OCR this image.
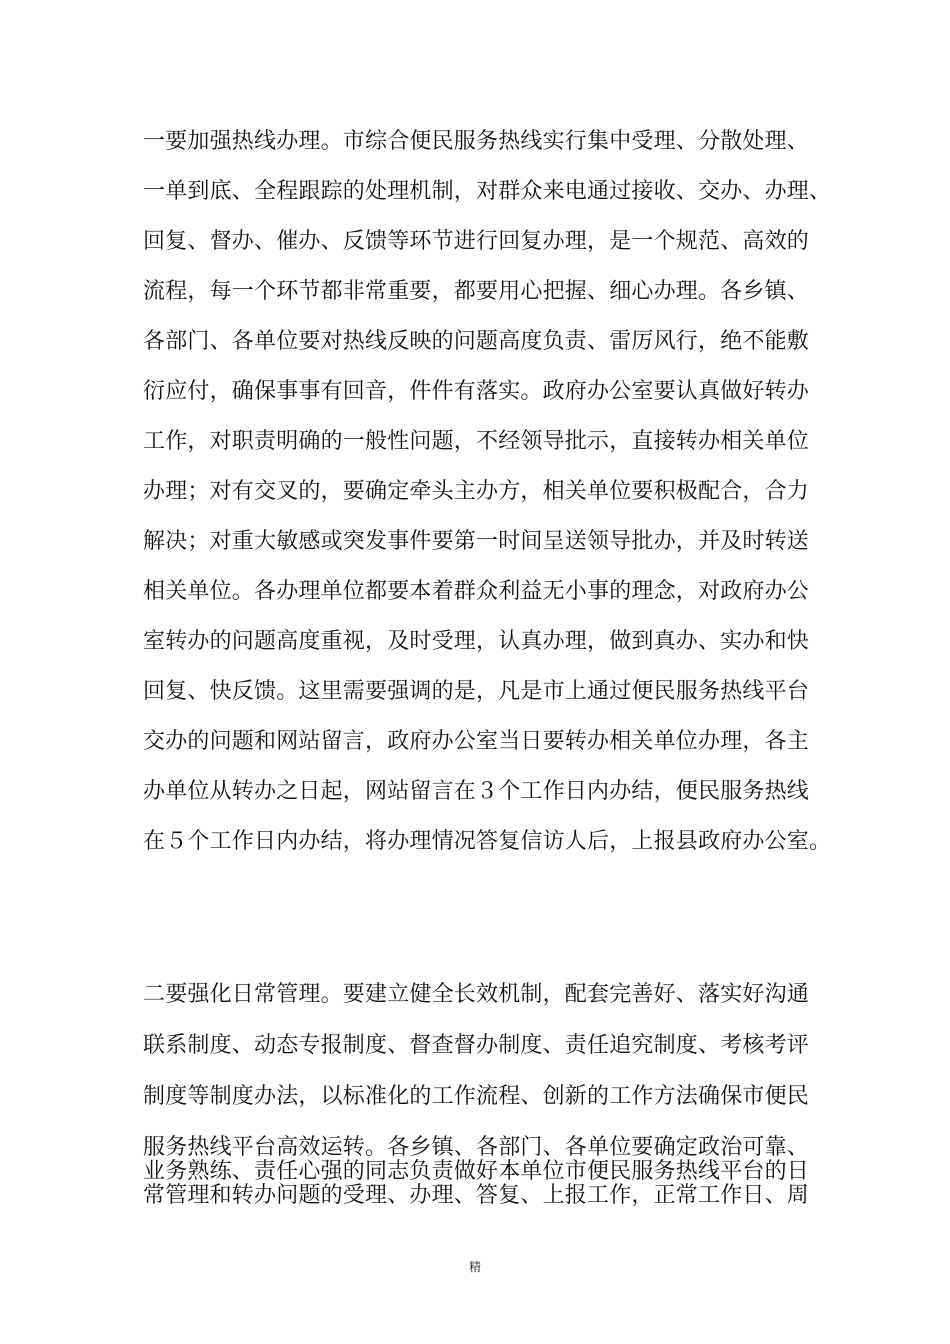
一要加强热线办理。市综合便民服务热线实行集中受理、分散处理、
一单到底、全程跟踪的处理机制，对群众来电通过接收、交办、办理、
回复、督办、催办、反馈等环节进行回复办理，是一个规范、高效的
流程，每一个环节都非常重要，都要用心把握、细心办理。各乡镇、
各部门、各单位要对热线反映的问题高度负责、雷厉风行，绝不能敷
衍应付，确保事事有回音，件件有落实。政府办公室要认真做好转办
工作，对职责明确的一般性问题，不经领导批示，直接转办相关单位
办理；对有交叉的，要确定牵头主办方，相关单位要积极配合，合力
解决；对重大敏感或突发事件要第一时间呈送领导批办，并及时转送
相关单位。各办理单位都要本着群众利益无小事的理念，对政府办公
室转办的问题高度重视，及时受理，认真办理，做到真办、实办和快
回复、快反馈。这里需要强调的是，凡是市上通过便民服务热线平台
交办的问题和网站留言，政府办公室当日要转办相关单位办理，各主
办单位从转办之日起，网站留言在３个工作日内办结，便民服务热线
在５个工作日内办结，将办理情况答复信访人后，上报县政府办公室。
二要强化日常管理。要建立健全长效机制，配套完善好、落实好沟通
联系制度、动态专报制度、督查督办制度、责任追究制度、考核考评
制度等制度办法，以标准化的工作流程、创新的工作方法确保市便民
服务热线平台高效运转。各乡镇、各部门、各单位要确定政治可靠、
业务熟练、责任心强的同志负责做好本单位市便民服务热线平台的日
常管理和转办问题的受理、办理、答复、上报工作，正常工作日、周
精
